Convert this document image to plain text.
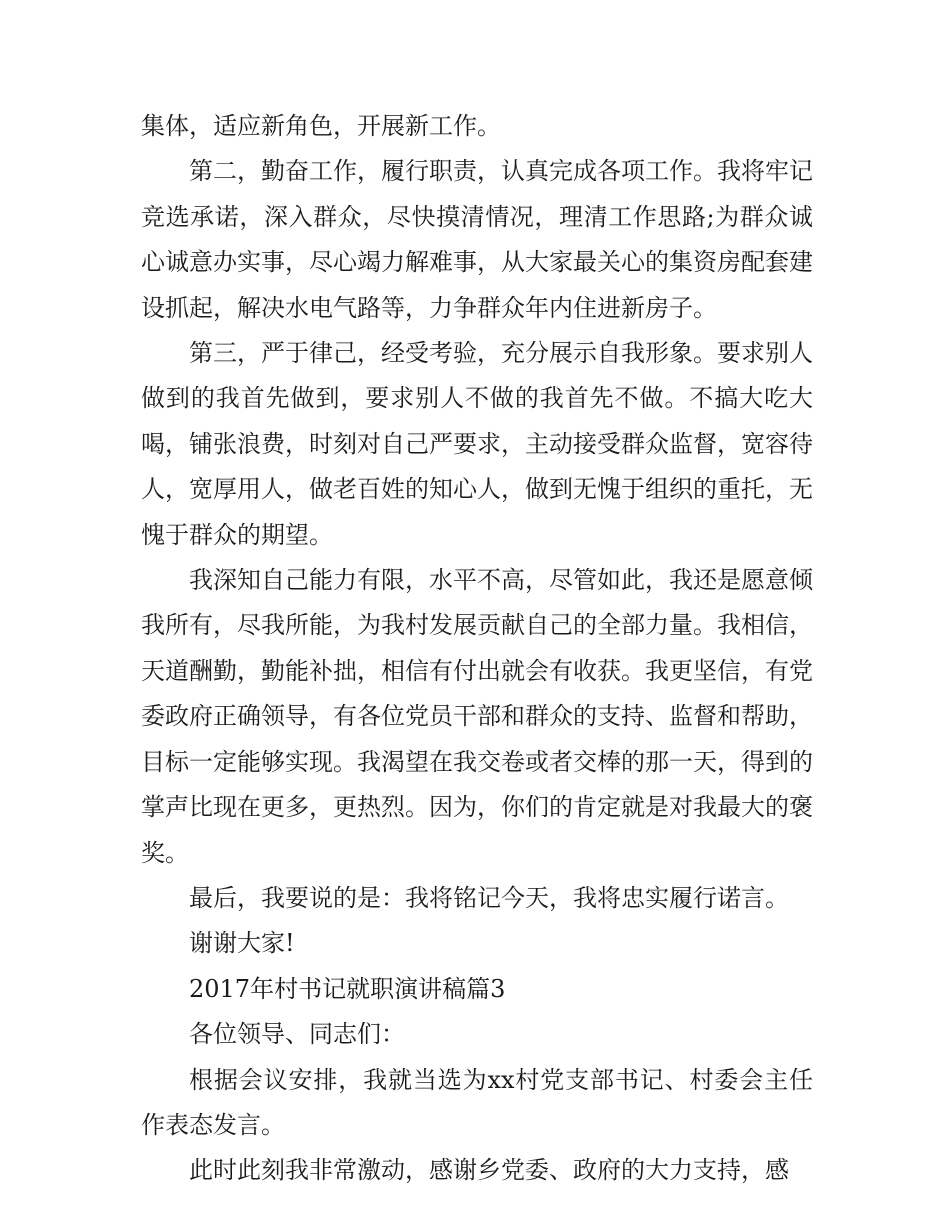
集体，适应新角色，开展新工作。

第二，勤奋工作，履行职责，认真完成各项工作。我将牢记竞选承诺，深入群众，尽快摸清情况，理清工作思路;为群众诚心诚意办实事，尽心竭力解难事，从大家最关心的集资房配套建设抓起，解决水电气路等，力争群众年内住进新房子。

第三，严于律己，经受考验，充分展示自我形象。要求别人做到的我首先做到，要求别人不做的我首先不做。不搞大吃大喝，铺张浪费，时刻对自己严要求，主动接受群众监督，宽容待人，宽厚用人，做老百姓的知心人，做到无愧于组织的重托，无愧于群众的期望。

我深知自己能力有限，水平不高，尽管如此，我还是愿意倾我所有，尽我所能，为我村发展贡献自己的全部力量。我相信，天道酬勤，勤能补拙，相信有付出就会有收获。我更坚信，有党委政府正确领导，有各位党员干部和群众的支持、监督和帮助，目标一定能够实现。我渴望在我交卷或者交棒的那一天，得到的掌声比现在更多，更热烈。因为，你们的肯定就是对我最大的褒奖。

最后，我要说的是：我将铭记今天，我将忠实履行诺言。

谢谢大家!

2017年村书记就职演讲稿篇3

各位领导、同志们：

根据会议安排，我就当选为xx村党支部书记、村委会主任作表态发言。

此时此刻我非常激动，感谢乡党委、政府的大力支持，感
